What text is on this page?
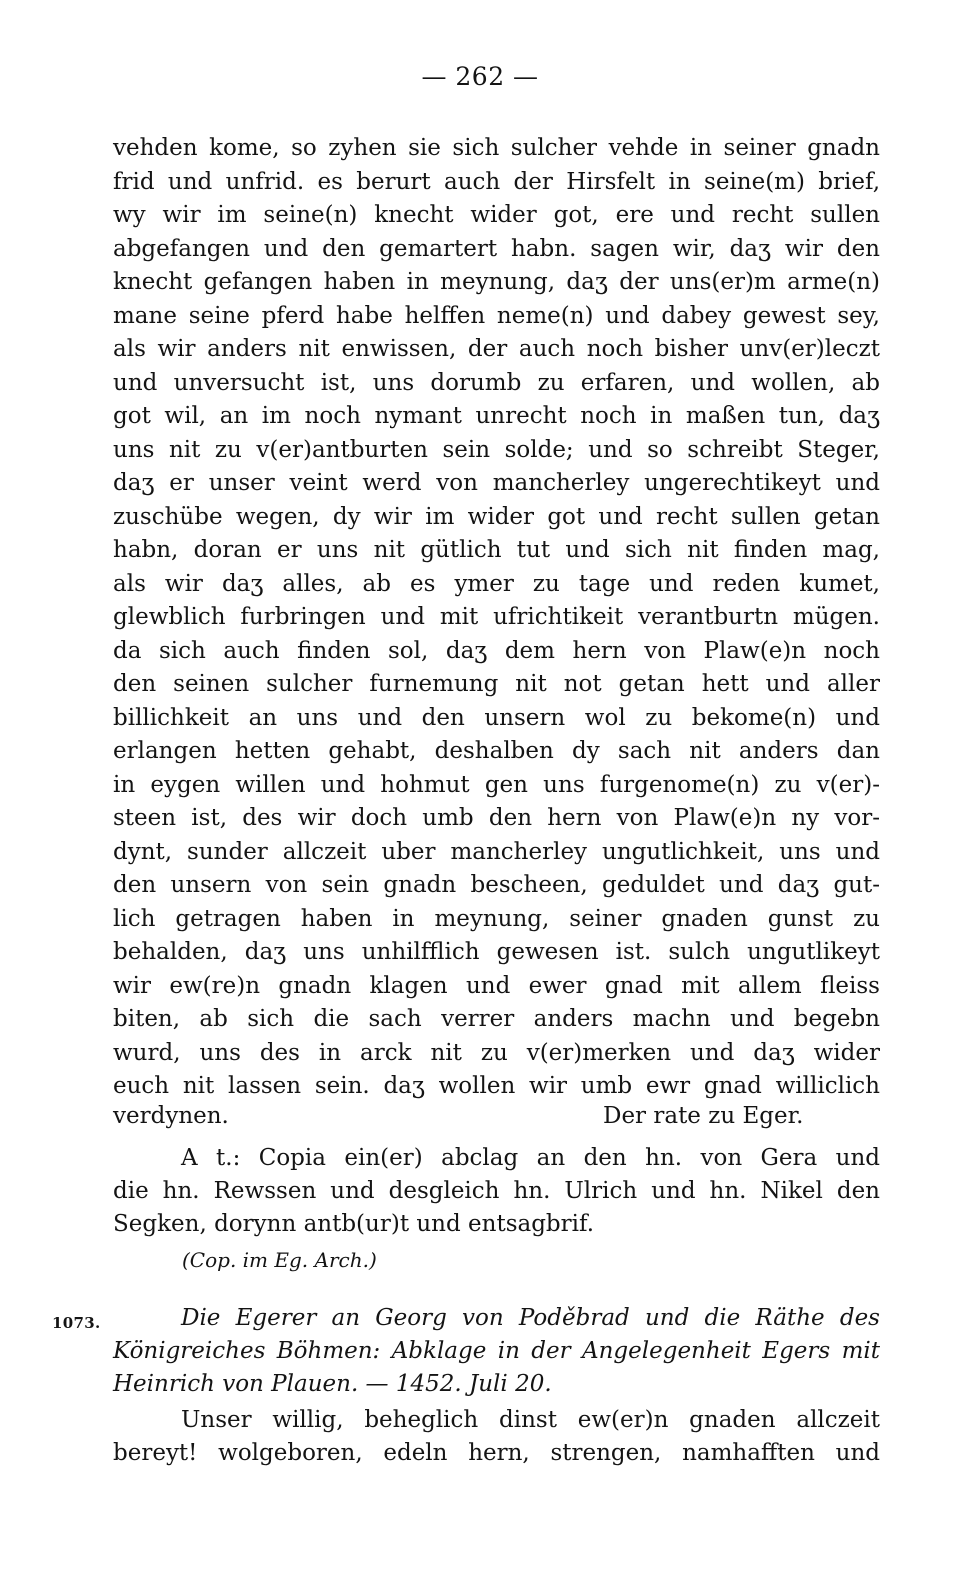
— 262 —
vehden kome, so zyhen sie sich sulcher vehde in seiner gnadn
frid und unfrid. es berurt auch der Hirsfelt in seine(m) brief,
wy wir im seine(n) knecht wider got, ere und recht sullen
abgefangen und den gemartert habn. sagen wir, daʒ wir den
knecht gefangen haben in meynung, daʒ der uns(er)m arme(n)
mane seine pferd habe helffen neme(n) und dabey gewest sey,
als wir anders nit enwissen, der auch noch bisher unv(er)leczt
und unversucht ist, uns dorumb zu erfaren, und wollen, ab
got wil, an im noch nymant unrecht noch in maßen tun, daʒ
uns nit zu v(er)antburten sein solde; und so schreibt Steger,
daʒ er unser veint werd von mancherley ungerechtikeyt und
zuschübe wegen, dy wir im wider got und recht sullen getan
habn, doran er uns nit gütlich tut und sich nit finden mag,
als wir daʒ alles, ab es ymer zu tage und reden kumet,
glewblich furbringen und mit ufrichtikeit verantburtn mügen.
da sich auch finden sol, daʒ dem hern von Plaw(e)n noch
den seinen sulcher furnemung nit not getan hett und aller
billichkeit an uns und den unsern wol zu bekome(n) und
erlangen hetten gehabt, deshalben dy sach nit anders dan
in eygen willen und hohmut gen uns furgenome(n) zu v(er)-
steen ist, des wir doch umb den hern von Plaw(e)n ny vor-
dynt, sunder allczeit uber mancherley ungutlichkeit, uns und
den unsern von sein gnadn bescheen, geduldet und daʒ gut-
lich getragen haben in meynung, seiner gnaden gunst zu
behalden, daʒ uns unhilfflich gewesen ist. sulch ungutlikeyt
wir ew(re)n gnadn klagen und ewer gnad mit allem fleiss
biten, ab sich die sach verrer anders machn und begebn
wurd, uns des in arck nit zu v(er)merken und daʒ wider
euch nit lassen sein. daʒ wollen wir umb ewr gnad williclich
verdynen.	Der rate zu Eger.
A t.: Copia ein(er) abclag an den hn. von Gera und
die hn. Rewssen und desgleich hn. Ulrich und hn. Nikel den
Segken, dorynn antb(ur)t und entsagbrif.
(Cop. im Eg. Arch.)
1073.	Die Egerer an Georg von Poděbrad und die Räthe des
Königreiches Böhmen: Abklage in der Angelegenheit Egers mit
Heinrich von Plauen. — 1452. Juli 20.
Unser willig, beheglich dinst ew(er)n gnaden allczeit
bereyt! wolgeboren, edeln hern, strengen, namhafften und
